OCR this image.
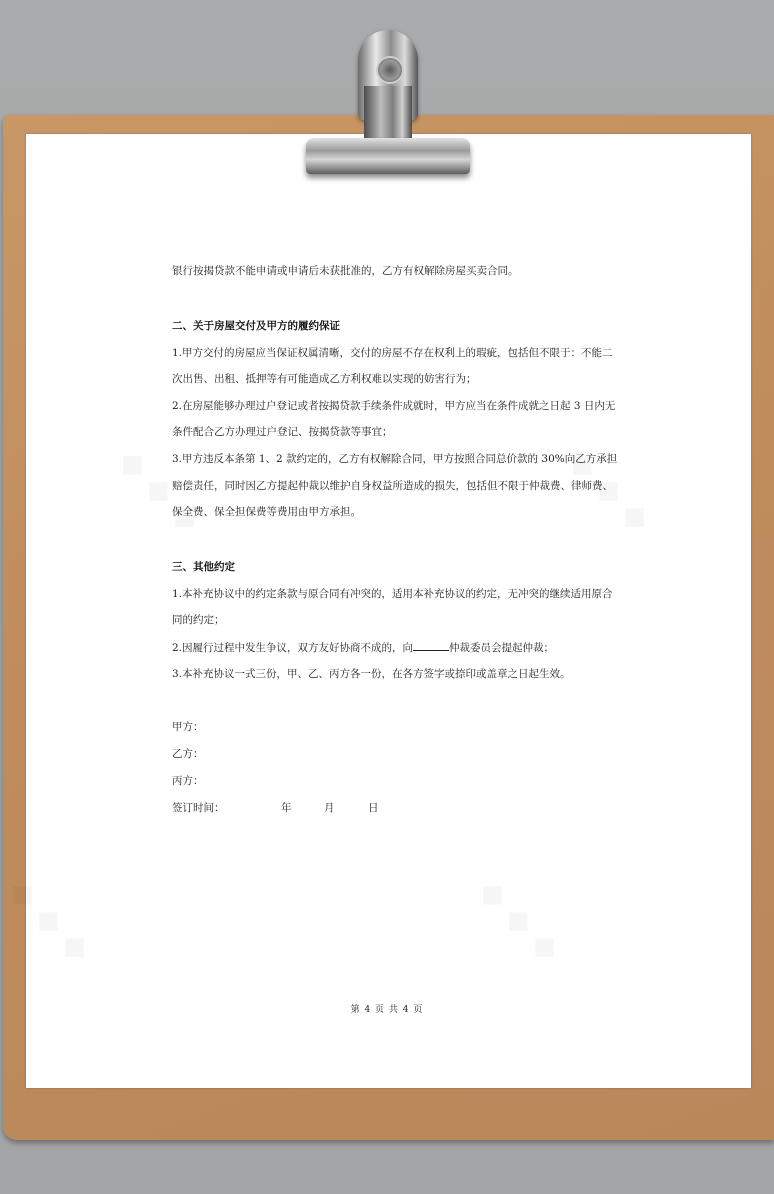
银行按揭贷款不能申请或申请后未获批准的，乙方有权解除房屋买卖合同。
二、关于房屋交付及甲方的履约保证
1.甲方交付的房屋应当保证权属清晰，交付的房屋不存在权利上的瑕疵，包括但不限于：不能二
次出售、出租、抵押等有可能造成乙方利权难以实现的妨害行为；
2.在房屋能够办理过户登记或者按揭贷款手续条件成就时，甲方应当在条件成就之日起 3 日内无
条件配合乙方办理过户登记、按揭贷款等事宜；
3.甲方违反本条第 1、2 款约定的，乙方有权解除合同，甲方按照合同总价款的 30%向乙方承担
赔偿责任，同时因乙方提起仲裁以维护自身权益所造成的损失，包括但不限于仲裁费、律师费、
保全费、保全担保费等费用由甲方承担。
三、其他约定
1.本补充协议中的约定条款与原合同有冲突的，适用本补充协议的约定，无冲突的继续适用原合
同的约定；
2.因履行过程中发生争议，双方友好协商不成的，向	仲裁委员会提起仲裁；
3.本补充协议一式三份，甲、乙、丙方各一份，在各方签字或捺印或盖章之日起生效。
甲方：
乙方：
丙方：
签订时间：	年	月	日
第 4 页 共 4 页
